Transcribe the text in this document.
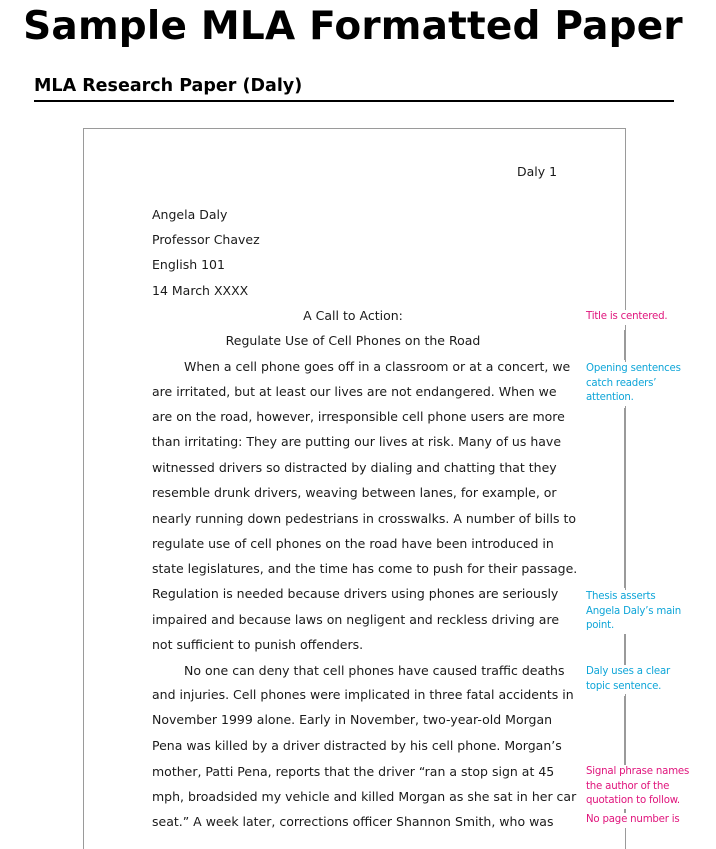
Sample MLA Formatted Paper
MLA Research Paper (Daly)
Daly 1
Angela Daly
Professor Chavez
English 101
14 March XXXX
A Call to Action:
Regulate Use of Cell Phones on the Road
When a cell phone goes off in a classroom or at a concert, we
are irritated, but at least our lives are not endangered. When we
are on the road, however, irresponsible cell phone users are more
than irritating: They are putting our lives at risk. Many of us have
witnessed drivers so distracted by dialing and chatting that they
resemble drunk drivers, weaving between lanes, for example, or
nearly running down pedestrians in crosswalks. A number of bills to
regulate use of cell phones on the road have been introduced in
state legislatures, and the time has come to push for their passage.
Regulation is needed because drivers using phones are seriously
impaired and because laws on negligent and reckless driving are
not sufficient to punish offenders.
No one can deny that cell phones have caused traffic deaths
and injuries. Cell phones were implicated in three fatal accidents in
November 1999 alone. Early in November, two-year-old Morgan
Pena was killed by a driver distracted by his cell phone. Morgan’s
mother, Patti Pena, reports that the driver “ran a stop sign at 45
mph, broadsided my vehicle and killed Morgan as she sat in her car
seat.” A week later, corrections officer Shannon Smith, who was
Title is centered.
Opening sentences
catch readers’
attention.
Thesis asserts
Angela Daly’s main
point.
Daly uses a clear
topic sentence.
Signal phrase names
the author of the
quotation to follow.
No page number is
